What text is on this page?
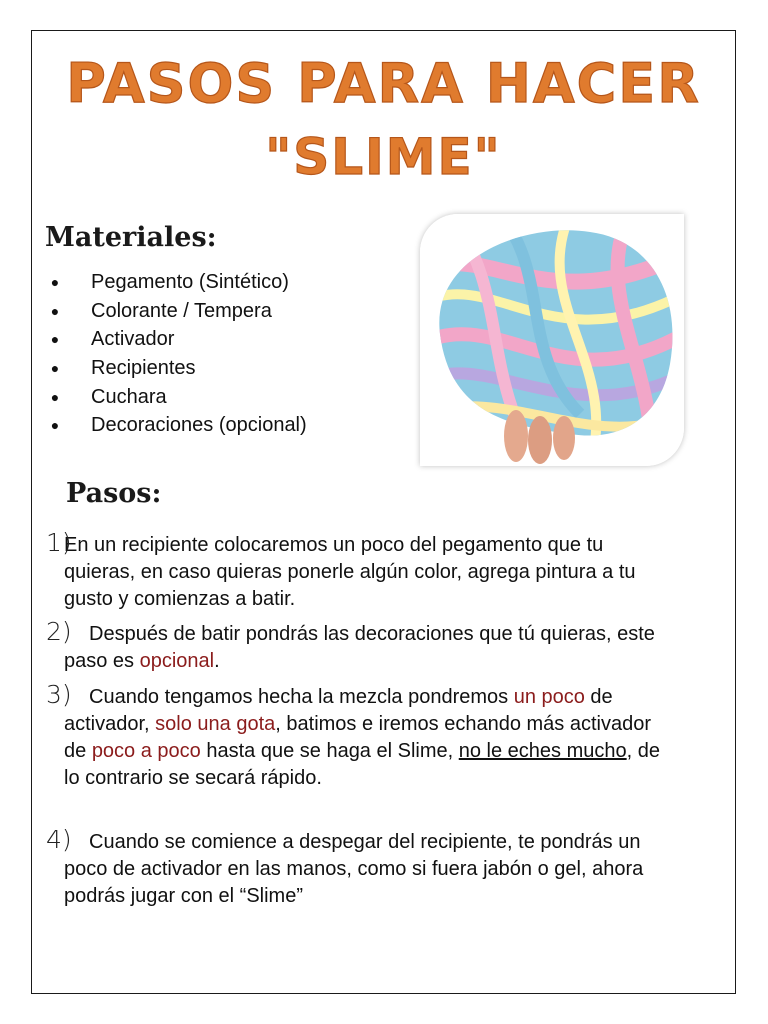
PASOS PARA HACER
"SLIME"
Materiales:
● Pegamento (Sintético)
● Colorante / Tempera
● Activador
● Recipientes
● Cuchara
● Decoraciones (opcional)
Pasos:
1)
En un recipiente colocaremos un poco del pegamento que tu quieras, en caso quieras ponerle algún color, agrega pintura a tu gusto y comienzas a batir.
2) Después de batir pondrás las decoraciones que tú quieras, este paso es opcional.
3) Cuando tengamos hecha la mezcla pondremos un poco de activador, solo una gota, batimos e iremos echando más activador de poco a poco hasta que se haga el Slime, no le eches mucho, de lo contrario se secará rápido.
4) Cuando se comience a despegar del recipiente, te pondrás un poco de activador en las manos, como si fuera jabón o gel, ahora podrás jugar con el “Slime”
